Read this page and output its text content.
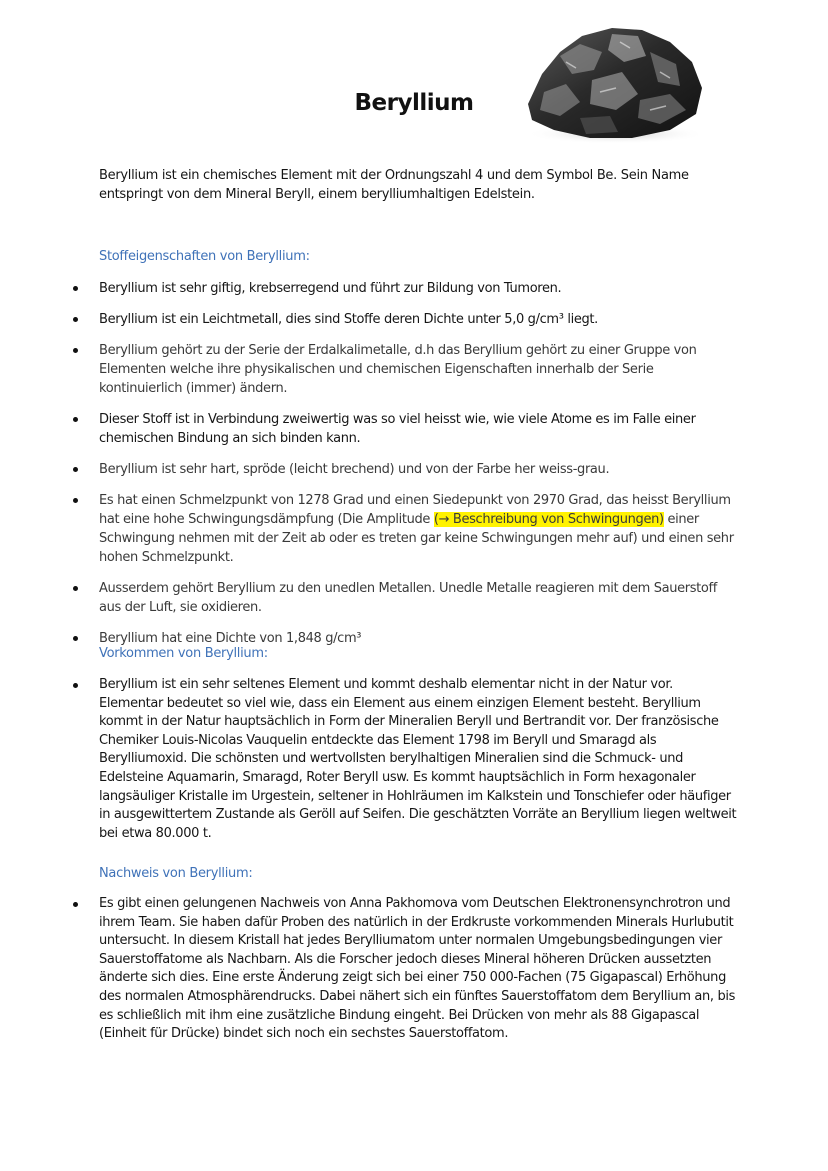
Beryllium
Beryllium ist ein chemisches Element mit der Ordnungszahl 4 und dem Symbol Be. Sein Name entspringt von dem Mineral Beryll, einem berylliumhaltigen Edelstein.
Stoffeigenschaften von Beryllium:
Beryllium ist sehr giftig, krebserregend und führt zur Bildung von Tumoren.
Beryllium ist ein Leichtmetall, dies sind Stoffe deren Dichte unter 5,0 g/cm³ liegt.
Beryllium gehört zu der Serie der Erdalkalimetalle, d.h das Beryllium gehört zu einer Gruppe von Elementen welche ihre physikalischen und chemischen Eigenschaften innerhalb der Serie kontinuierlich (immer) ändern.
Dieser Stoff ist in Verbindung zweiwertig was so viel heisst wie, wie viele Atome es im Falle einer chemischen Bindung an sich binden kann.
Beryllium ist sehr hart, spröde (leicht brechend) und von der Farbe her weiss-grau.
Es hat einen Schmelzpunkt von 1278 Grad und einen Siedepunkt von 2970 Grad, das heisst Beryllium hat eine hohe Schwingungsdämpfung (Die Amplitude (→ Beschreibung von Schwingungen) einer Schwingung nehmen mit der Zeit ab oder es treten gar keine Schwingungen mehr auf) und einen sehr hohen Schmelzpunkt.
Ausserdem gehört Beryllium zu den unedlen Metallen. Unedle Metalle reagieren mit dem Sauerstoff aus der Luft, sie oxidieren.
Beryllium hat eine Dichte von 1,848 g/cm³
Vorkommen von Beryllium:
Beryllium ist ein sehr seltenes Element und kommt deshalb elementar nicht in der Natur vor. Elementar bedeutet so viel wie, dass ein Element aus einem einzigen Element besteht. Beryllium kommt in der Natur hauptsächlich in Form der Mineralien Beryll und Bertrandit vor. Der französische Chemiker Louis-Nicolas Vauquelin entdeckte das Element 1798 im Beryll und Smaragd als Berylliumoxid. Die schönsten und wertvollsten berylhaltigen Mineralien sind die Schmuck- und Edelsteine Aquamarin, Smaragd, Roter Beryll usw. Es kommt hauptsächlich in Form hexagonaler langsäuliger Kristalle im Urgestein, seltener in Hohlräumen im Kalkstein und Tonschiefer oder häufiger in ausgewittertem Zustande als Geröll auf Seifen. Die geschätzten Vorräte an Beryllium liegen weltweit bei etwa 80.000 t.
Nachweis von Beryllium:
Es gibt einen gelungenen Nachweis von Anna Pakhomova vom Deutschen Elektronensynchrotron und ihrem Team. Sie haben dafür Proben des natürlich in der Erdkruste vorkommenden Minerals Hurlubutit untersucht. In diesem Kristall hat jedes Berylliumatom unter normalen Umgebungsbedingungen vier Sauerstoffatome als Nachbarn. Als die Forscher jedoch dieses Mineral höheren Drücken aussetzten änderte sich dies. Eine erste Änderung zeigt sich bei einer 750 000-Fachen (75 Gigapascal) Erhöhung des normalen Atmosphärendrucks. Dabei nähert sich ein fünftes Sauerstoffatom dem Beryllium an, bis es schließlich mit ihm eine zusätzliche Bindung eingeht. Bei Drücken von mehr als 88 Gigapascal (Einheit für Drücke) bindet sich noch ein sechstes Sauerstoffatom.
